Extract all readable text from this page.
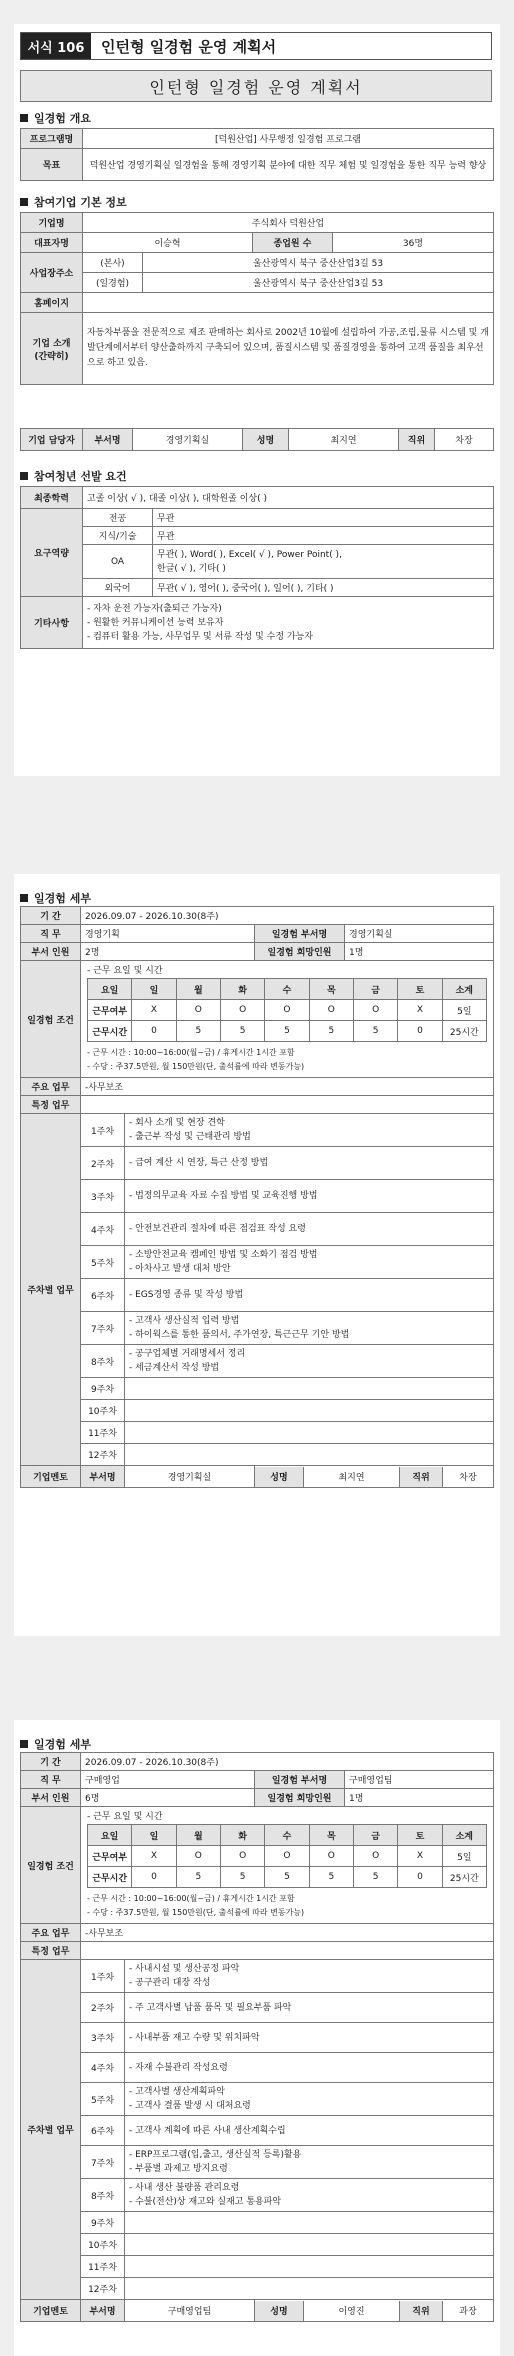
서식 106	인턴형 일경험 운영 계획서
인턴형 일경험 운영 계획서
일경험 개요
프로그램명	[덕원산업] 사무행정 일경험 프로그램
목표	덕원산업 경영기획실 일경험을 통해 경영기획 분야에 대한 직무 체험 및 일경험을 통한 직무 능력 향상
참여기업 기본 정보
기업명	주식회사 덕원산업			
대표자명	이승혁		종업원 수	36명
사업장주소	(본사)	울산광역시 북구 중산산업3길 53		
	(일경험)	울산광역시 북구 중산산업3길 53		
홈페이지				
기업 소개 (간략히)	자동차부품을 전문적으로 제조 판매하는 회사로 2002년 10월에 설립하여 가공,조립,물류 시스템 및 개발단계에서부터 양산출하까지 구축되어 있으며, 품질시스템 및 품질경영을 통하여 고객 품질을 최우선으로 하고 있음.			
기업 담당자	부서명	경영기획실	성명	최지연	직위	차장
참여청년 선발 요건
최종학력	고졸 이상( √ ), 대졸 이상( ), 대학원졸 이상( )	
요구역량	전공	무관
	지식/기술	무관
	OA	무관( ), Word( ), Excel( √ ), Power Point( ),
한글( √ ), 기타( )

	외국어	무관( √ ), 영어( ), 중국어( ), 일어( ), 기타( )
기타사항	- 자차 운전 가능자(출퇴근 가능자)
- 원활한 커뮤니케이션 능력 보유자
- 컴퓨터 활용 가능, 사무업무 및 서류 작성 및 수정 가능자	
일경험 세부
기 간	2026.09.07 - 2026.10.30(8주)
직 무	경영기획	일경험 부서명	경영기획실
부서 인원	2명	일경험 희망인원	1명
일경험 조건	
- 근무 요일 및 시간
요일	일	월	화	수	목	금	토	소계
근무여부	X	O	O	O	O	O	X	5일
근무시간	0	5	5	5	5	5	0	25시간
- 근무 시간 : 10:00~16:00(월~금) / 휴게시간 1시간 포함
- 수당 : 주37.5만원, 월 150만원(단, 출석률에 따라 변동가능)

주요 업무	-사무보조
특정 업무	
주차별 업무	1주차	
- 회사 소개 및 현장 견학
- 출근부 작성 및 근태관리 방법

2주차	- 급여 계산 시 연장, 특근 산정 방법

3주차	- 법정의무교육 자료 수집 방법 및 교육진행 방법

4주차	- 안전보건관리 절차에 따른 점검표 작성 요령

5주차	
- 소방안전교육 캠페인 방법 및 소화기 점검 방법
- 아차사고 발생 대처 방안

6주차	- EGS경영 종류 및 작성 방법

7주차	
- 고객사 생산실적 입력 방법
- 하이웍스를 통한 품의서, 주가연장, 특근근무 기안 방법

8주차	
- 공구업체별 거래명세서 정리
- 세금계산서 작성 방법

9주차	
10주차	
11주차	
12주차	
기업멘토	부서명	경영기획실		성명	최지연	직위	차장
일경험 세부
기 간	2026.09.07 - 2026.10.30(8주)
직 무	구매영업	일경험 부서명	구매영업팀
부서 인원	6명	일경험 희망인원	1명
일경험 조건	
- 근무 요일 및 시간
요일	일	월	화	수	목	금	토	소계
근무여부	X	O	O	O	O	O	X	5일
근무시간	0	5	5	5	5	5	0	25시간
- 근무 시간 : 10:00~16:00(월~금) / 휴게시간 1시간 포함
- 수당 : 주37.5만원, 월 150만원(단, 출석률에 따라 변동가능)

주요 업무	-사무보조
특정 업무	
주차별 업무	1주차	
- 사내시설 및 생산공정 파악
- 공구관리 대장 작성

2주차	- 주 고객사별 납품 품목 및 필요부품 파악

3주차	- 사내부품 재고 수량 및 위치파악

4주차	- 자재 수불관리 작성요령

5주차	
- 고객사별 생산계획파악
- 고객사 결품 발생 시 대처요령

6주차	- 고객사 계획에 따른 사내 생산계획수립

7주차	
- ERP프로그램(입,출고, 생산실적 등록)활용
- 부품별 과제고 방지요령

8주차	
- 사내 생산 불량품 관리요령
- 수불(전산)상 재고와 실재고 통용파악

9주차	
10주차	
11주차	
12주차	
기업멘토	부서명	구매영업팀		성명	이영진	직위	과장
